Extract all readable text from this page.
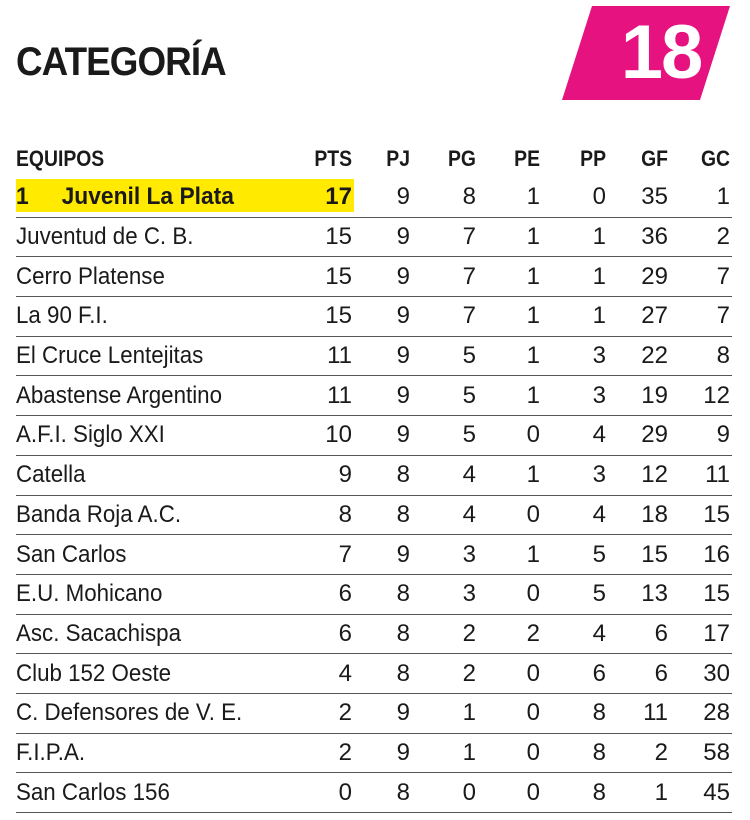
CATEGORÍA	18
EQUIPOS	PTS	PJ	PG	PE	PP	GF	GC
1	Juvenil La Plata	17	9	8	1	0	35	1
Juventud de C. B.	15	9	7	1	1	36	2
Cerro Platense	15	9	7	1	1	29	7
La 90 F.I.	15	9	7	1	1	27	7
El Cruce Lentejitas	11	9	5	1	3	22	8
Abastense Argentino	11	9	5	1	3	19	12
A.F.I. Siglo XXI	10	9	5	0	4	29	9
Catella	9	8	4	1	3	12	11
Banda Roja A.C.	8	8	4	0	4	18	15
San Carlos	7	9	3	1	5	15	16
E.U. Mohicano	6	8	3	0	5	13	15
Asc. Sacachispa	6	8	2	2	4	6	17
Club 152 Oeste	4	8	2	0	6	6	30
C. Defensores de V. E.	2	9	1	0	8	11	28
F.I.P.A.	2	9	1	0	8	2	58
San Carlos 156	0	8	0	0	8	1	45
